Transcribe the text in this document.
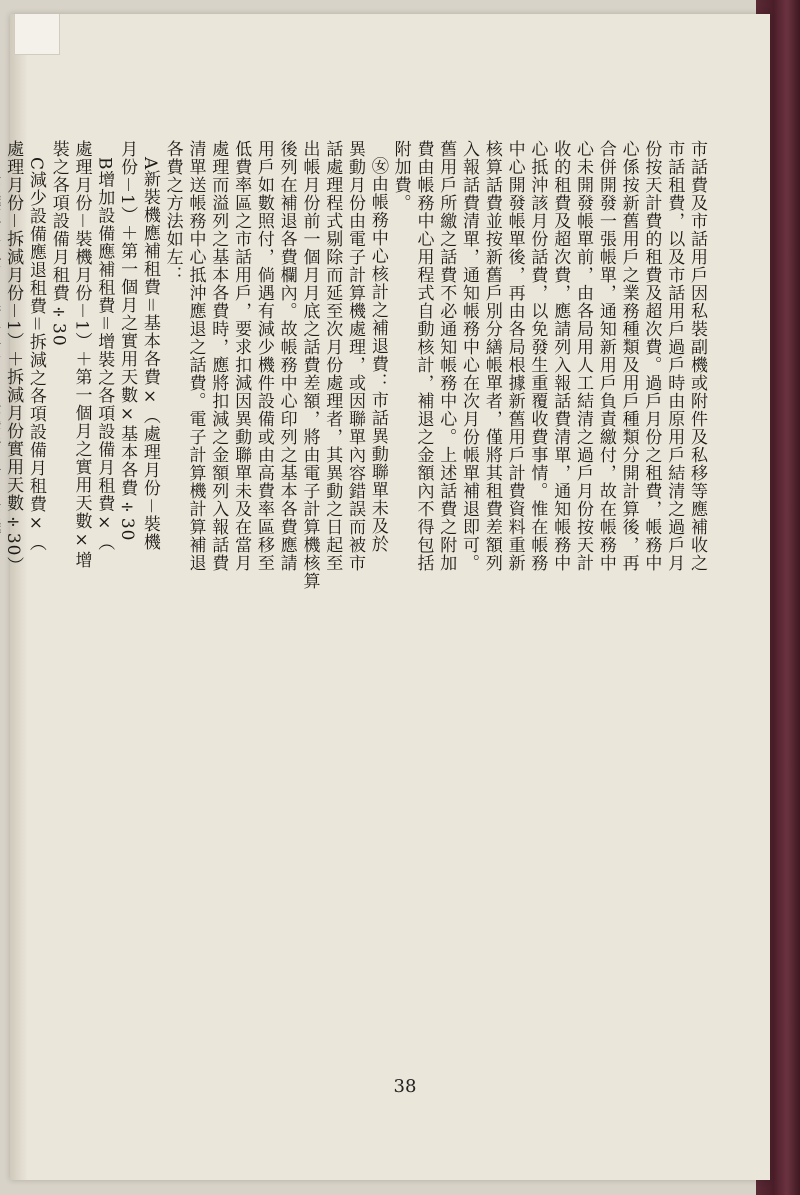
市話費及市話用戶因私裝副機或附件及私移等應補收之

市話租費，以及市話用戶過戶時由原用戶結清之過戶月

份按天計費的租費及超次費。過戶月份之租費，帳務中

心係按新舊用戶之業務種類及用戶種類分開計算後，再

合併開發一張帳單，通知新用戶負責繳付，故在帳務中

心未開發帳單前，由各局用人工結清之過戶月份按天計

收的租費及超次費，應請列入報話費清單，通知帳務中

心抵沖該月份話費，以免發生重覆收費事情。惟在帳務

中心開發帳單後，再由各局根據新舊用戶計費資料重新

核算話費並按新舊戶別分繕帳單者，僅將其租費差額列

入報話費清單，通知帳務中心在次月份帳單補退即可。

舊用戶所繳之話費不必通知帳務中心。上述話費之附加

費由帳務中心用程式自動核計，補退之金額內不得包括

附加費。

㊛由帳務中心核計之補退費：市話異動聯單未及於

異動月份由電子計算機處理，或因聯單內容錯誤而被市

話處理程式剔除而延至次月份處理者，其異動之日起至

出帳月份前一個月月底之話費差額，將由電子計算機核算

後列在補退各費欄內。故帳務中心印列之基本各費應請

用戶如數照付，倘遇有減少機件設備或由高費率區移至

低費率區之市話用戶，要求扣減因異動聯單未及在當月

處理而溢列之基本各費時，應將扣減之金額列入報話費

清單送帳務中心抵沖應退之話費。電子計算機計算補退

各費之方法如左：

A新裝機應補租費＝基本各費×（處理月份－裝機

月份－1）＋第一個月之實用天數×基本各費÷30

B增加設備應補租費＝增裝之各項設備月租費×（

處理月份－裝機月份－1）＋第一個月之實用天數×增

裝之各項設備月租費÷30

C減少設備應退租費＝拆減之各項設備月租費×（

處理月份－拆減月份－1）＋拆減月份實用天數÷30）

38
